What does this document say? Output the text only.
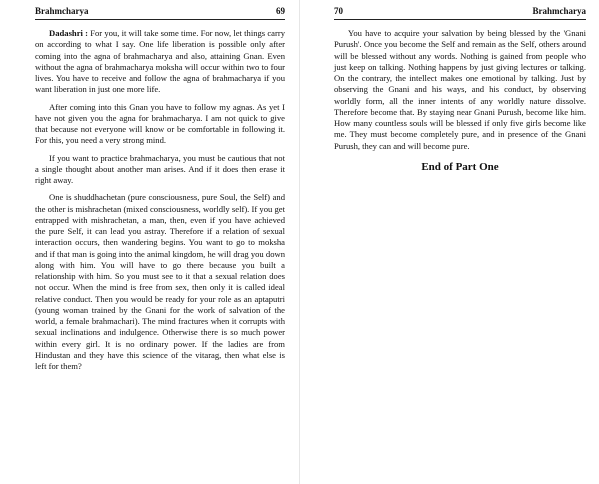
Brahmcharya	69

Dadashri : For you, it will take some time. For now, let things carry on according to what I say. One life liberation is possible only after coming into the agna of brahmacharya and also, attaining Gnan. Even without the agna of brahmacharya moksha will occur within two to four lives. You have to receive and follow the agna of brahmacharya if you want liberation in just one more life.

After coming into this Gnan you have to follow my agnas. As yet I have not given you the agna for brahmacharya. I am not quick to give that because not everyone will know or be comfortable in following it. For this, you need a very strong mind.

If you want to practice brahmacharya, you must be cautious that not a single thought about another man arises. And if it does then erase it right away.

One is shuddhachetan (pure consciousness, pure Soul, the Self) and the other is mishrachetan (mixed consciousness, worldly self). If you get entrapped with mishrachetan, a man, then, even if you have achieved the pure Self, it can lead you astray. Therefore if a relation of sexual interaction occurs, then wandering begins. You want to go to moksha and if that man is going into the animal kingdom, he will drag you down along with him. You will have to go there because you built a relationship with him. So you must see to it that a sexual relation does not occur. When the mind is free from sex, then only it is called ideal relative conduct. Then you would be ready for your role as an aptaputri (young woman trained by the Gnani for the work of salvation of the world, a female brahmachari). The mind fractures when it corrupts with sexual inclinations and indulgence. Otherwise there is so much power within every girl. It is no ordinary power. If the ladies are from Hindustan and they have this science of the vitarag, then what else is left for them?

70	Brahmcharya

You have to acquire your salvation by being blessed by the 'Gnani Purush'. Once you become the Self and remain as the Self, others around will be blessed without any words. Nothing is gained from people who just keep on talking. Nothing happens by just giving lectures or talking. On the contrary, the intellect makes one emotional by talking. Just by observing the Gnani and his ways, and his conduct, by observing worldly form, all the inner intents of any worldly nature dissolve. Therefore become that. By staying near Gnani Purush, become like him. How many countless souls will be blessed if only five girls become like me. They must become completely pure, and in presence of the Gnani Purush, they can and will become pure.

End of Part One
